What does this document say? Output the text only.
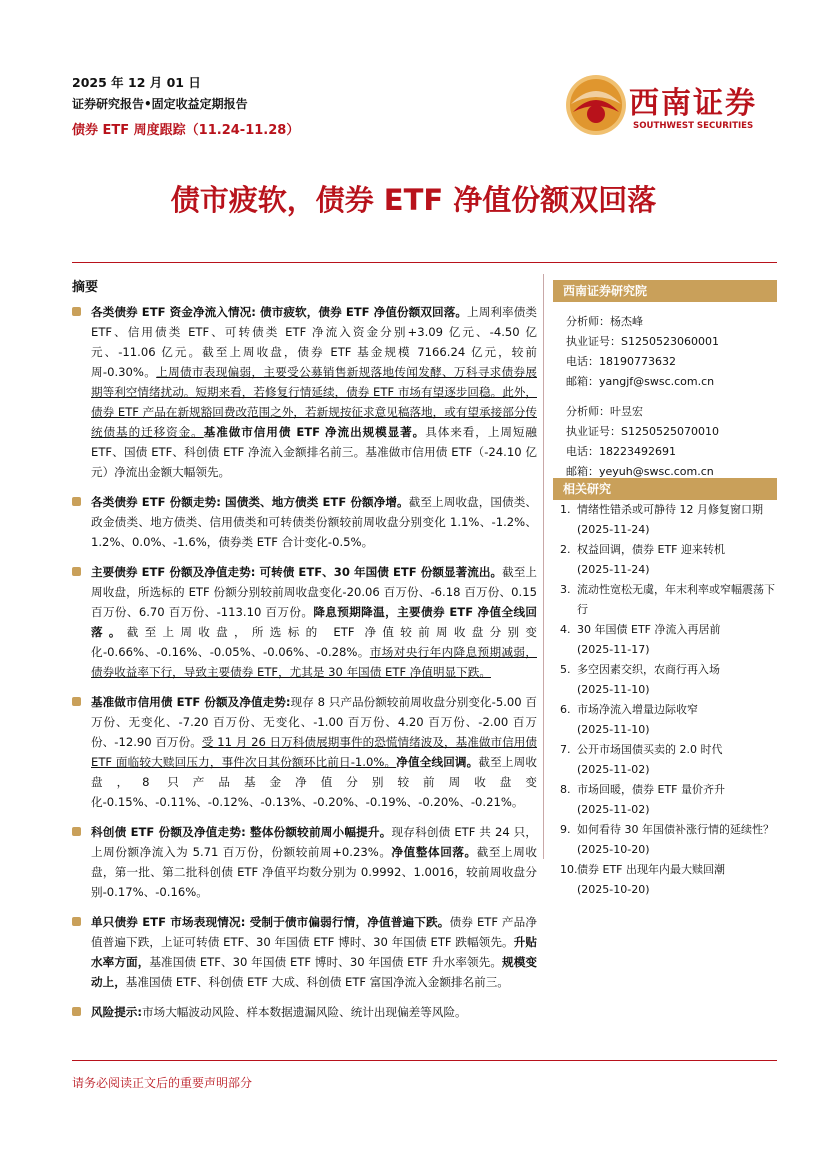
2025 年 12 月 01 日
证券研究报告•固定收益定期报告
债券 ETF 周度跟踪（11.24-11.28）
西南证券
SOUTHWEST SECURITIES
债市疲软，债券 ETF 净值份额双回落
摘要
各类债券 ETF 资金净流入情况: 债市疲软，债券 ETF 净值份额双回落。上周利率债类 ETF、信用债类 ETF、可转债类 ETF 净流入资金分别+3.09 亿元、-4.50 亿元、-11.06 亿元。截至上周收盘，债券 ETF 基金规模 7166.24 亿元，较前周-0.30%。上周债市表现偏弱，主要受公募销售新规落地传闻发酵、万科寻求债券展期等利空情绪扰动。短期来看，若修复行情延续，债券 ETF 市场有望逐步回稳。此外，债券 ETF 产品在新规豁回费改范围之外，若新规按征求意见稿落地，或有望承接部分传统债基的迁移资金。基准做市信用债 ETF 净流出规模显著。具体来看，上周短融 ETF、国债 ETF、科创债 ETF 净流入金额排名前三。基准做市信用债 ETF（-24.10 亿元）净流出金额大幅领先。
各类债券 ETF 份额走势: 国债类、地方债类 ETF 份额净增。截至上周收盘，国债类、政金债类、地方债类、信用债类和可转债类份额较前周收盘分别变化 1.1%、-1.2%、1.2%、0.0%、-1.6%，债券类 ETF 合计变化-0.5%。
主要债券 ETF 份额及净值走势: 可转债 ETF、30 年国债 ETF 份额显著流出。截至上周收盘，所选标的 ETF 份额分别较前周收盘变化-20.06 百万份、-6.18 百万份、0.15 百万份、6.70 百万份、-113.10 百万份。降息预期降温，主要债券 ETF 净值全线回落。截至上周收盘，所选标的 ETF 净值较前周收盘分别变化-0.66%、-0.16%、-0.05%、-0.06%、-0.28%。市场对央行年内降息预期减弱，债券收益率下行，导致主要债券 ETF，尤其是 30 年国债 ETF 净值明显下跌。
基准做市信用债 ETF 份额及净值走势:现存 8 只产品份额较前周收盘分别变化-5.00 百万份、无变化、-7.20 百万份、无变化、-1.00 百万份、4.20 百万份、-2.00 百万份、-12.90 百万份。受 11 月 26 日万科债展期事件的恐慌情绪波及，基准做市信用债 ETF 面临较大赎回压力，事件次日其份额环比前日-1.0%。净值全线回调。截至上周收盘，8 只产品基金净值分别较前周收盘变化-0.15%、-0.11%、-0.12%、-0.13%、-0.20%、-0.19%、-0.20%、-0.21%。
科创债 ETF 份额及净值走势: 整体份额较前周小幅提升。现存科创债 ETF 共 24 只，上周份额净流入为 5.71 百万份，份额较前周+0.23%。净值整体回落。截至上周收盘，第一批、第二批科创债 ETF 净值平均数分别为 0.9992、1.0016，较前周收盘分别-0.17%、-0.16%。
单只债券 ETF 市场表现情况: 受制于债市偏弱行情，净值普遍下跌。债券 ETF 产品净值普遍下跌，上证可转债 ETF、30 年国债 ETF 博时、30 年国债 ETF 跌幅领先。升贴水率方面，基准国债 ETF、30 年国债 ETF 博时、30 年国债 ETF 升水率领先。规模变动上，基准国债 ETF、科创债 ETF 大成、科创债 ETF 富国净流入金额排名前三。
风险提示:市场大幅波动风险、样本数据遗漏风险、统计出现偏差等风险。
西南证券研究院
分析师：杨杰峰
执业证号：S1250523060001
电话：18190773632
邮箱：yangjf@swsc.com.cn
分析师：叶昱宏
执业证号：S1250525070010
电话：18223492691
邮箱：yeyuh@swsc.com.cn
相关研究
1. 情绪性错杀或可静待 12 月修复窗口期
(2025-11-24)
2. 权益回调，债券 ETF 迎来转机
(2025-11-24)
3. 流动性宽松无虞，年末利率或窄幅震荡下行
4. 30 年国债 ETF 净流入再居前
(2025-11-17)
5. 多空因素交织，农商行再入场
(2025-11-10)
6. 市场净流入增量边际收窄
(2025-11-10)
7. 公开市场国债买卖的 2.0 时代
(2025-11-02)
8. 市场回暖，债券 ETF 量价齐升
(2025-11-02)
9. 如何看待 30 年国债补涨行情的延续性？(2025-10-20)
10. 债券 ETF 出现年内最大赎回潮
(2025-10-20)
请务必阅读正文后的重要声明部分
